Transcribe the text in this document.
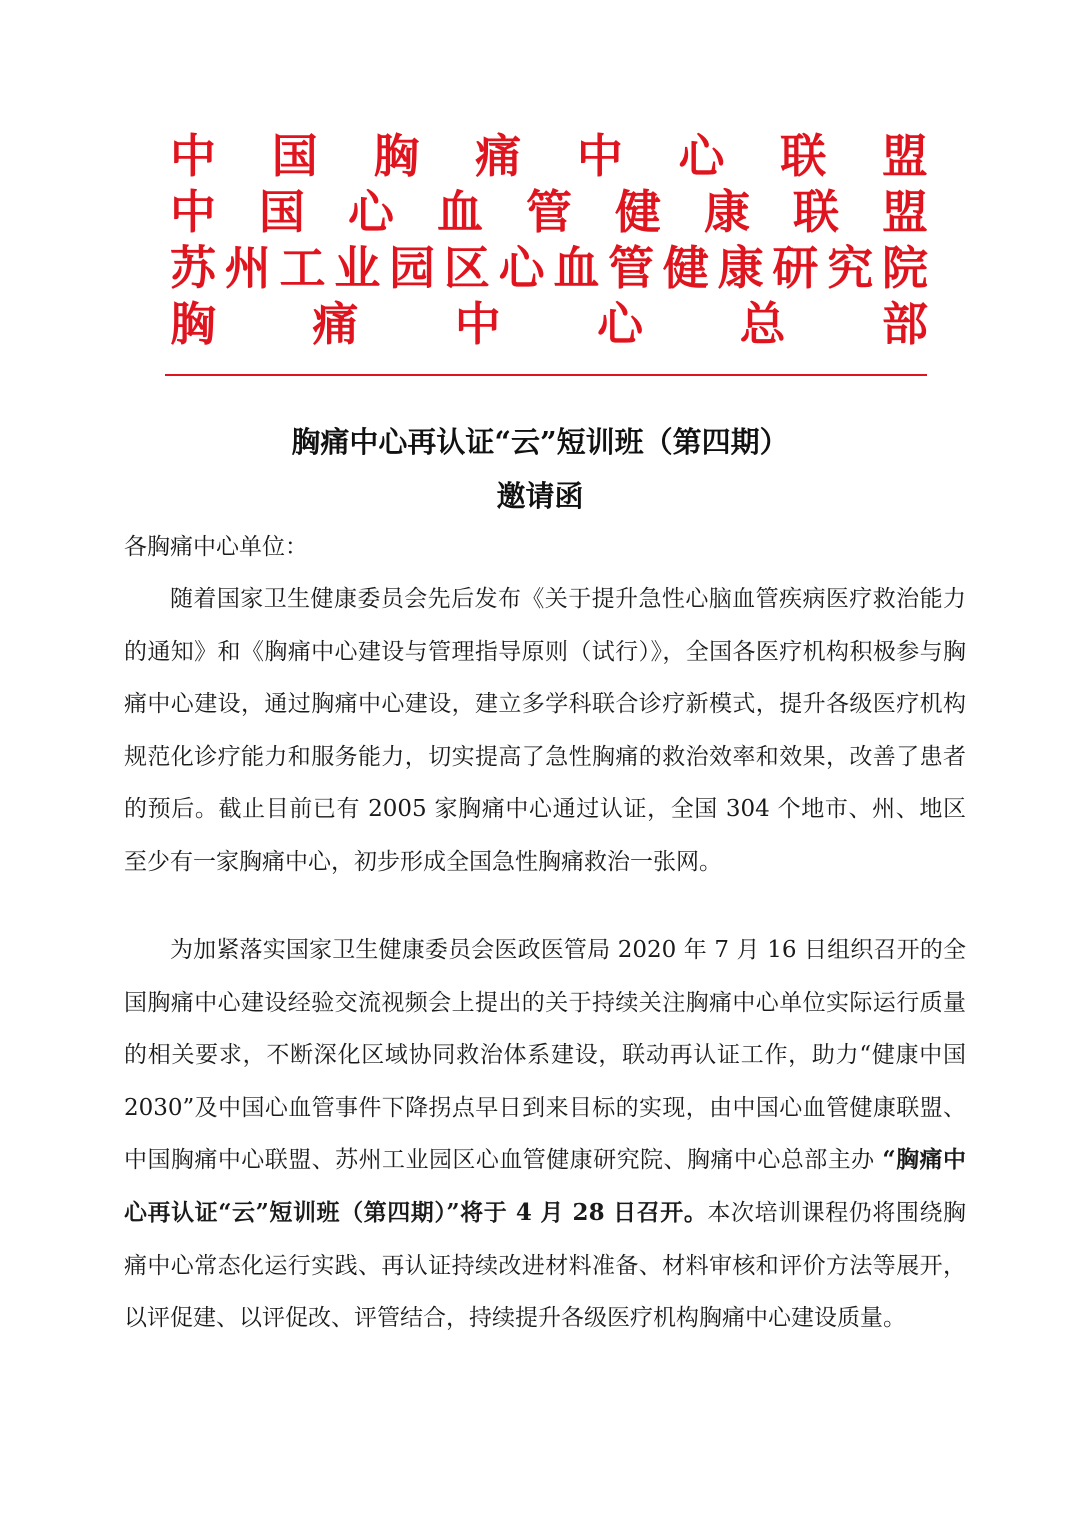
中 国 胸 痛 中 心 联 盟
中 国 心 血 管 健 康 联 盟
苏 州 工 业 园 区 心 血 管 健 康 研 究 院
胸 痛 中 心 总 部
胸痛中心再认证“云”短训班（第四期）
邀请函
各胸痛中心单位：

随着国家卫生健康委员会先后发布《关于提升急性心脑血管疾病医疗救治能力的通知》和《胸痛中心建设与管理指导原则（试行）》，全国各医疗机构积极参与胸痛中心建设，通过胸痛中心建设，建立多学科联合诊疗新模式，提升各级医疗机构规范化诊疗能力和服务能力，切实提高了急性胸痛的救治效率和效果，改善了患者的预后。截止目前已有 2005 家胸痛中心通过认证，全国 304 个地市、州、地区至少有一家胸痛中心，初步形成全国急性胸痛救治一张网。

为加紧落实国家卫生健康委员会医政医管局 2020 年 7 月 16 日组织召开的全国胸痛中心建设经验交流视频会上提出的关于持续关注胸痛中心单位实际运行质量的相关要求，不断深化区域协同救治体系建设，联动再认证工作，助力“健康中国 2030”及中国心血管事件下降拐点早日到来目标的实现，由中国心血管健康联盟、中国胸痛中心联盟、苏州工业园区心血管健康研究院、胸痛中心总部主办 “胸痛中心再认证“云”短训班（第四期）”将于 4 月 28 日召开。本次培训课程仍将围绕胸痛中心常态化运行实践、再认证持续改进材料准备、材料审核和评价方法等展开，以评促建、以评促改、评管结合，持续提升各级医疗机构胸痛中心建设质量。
